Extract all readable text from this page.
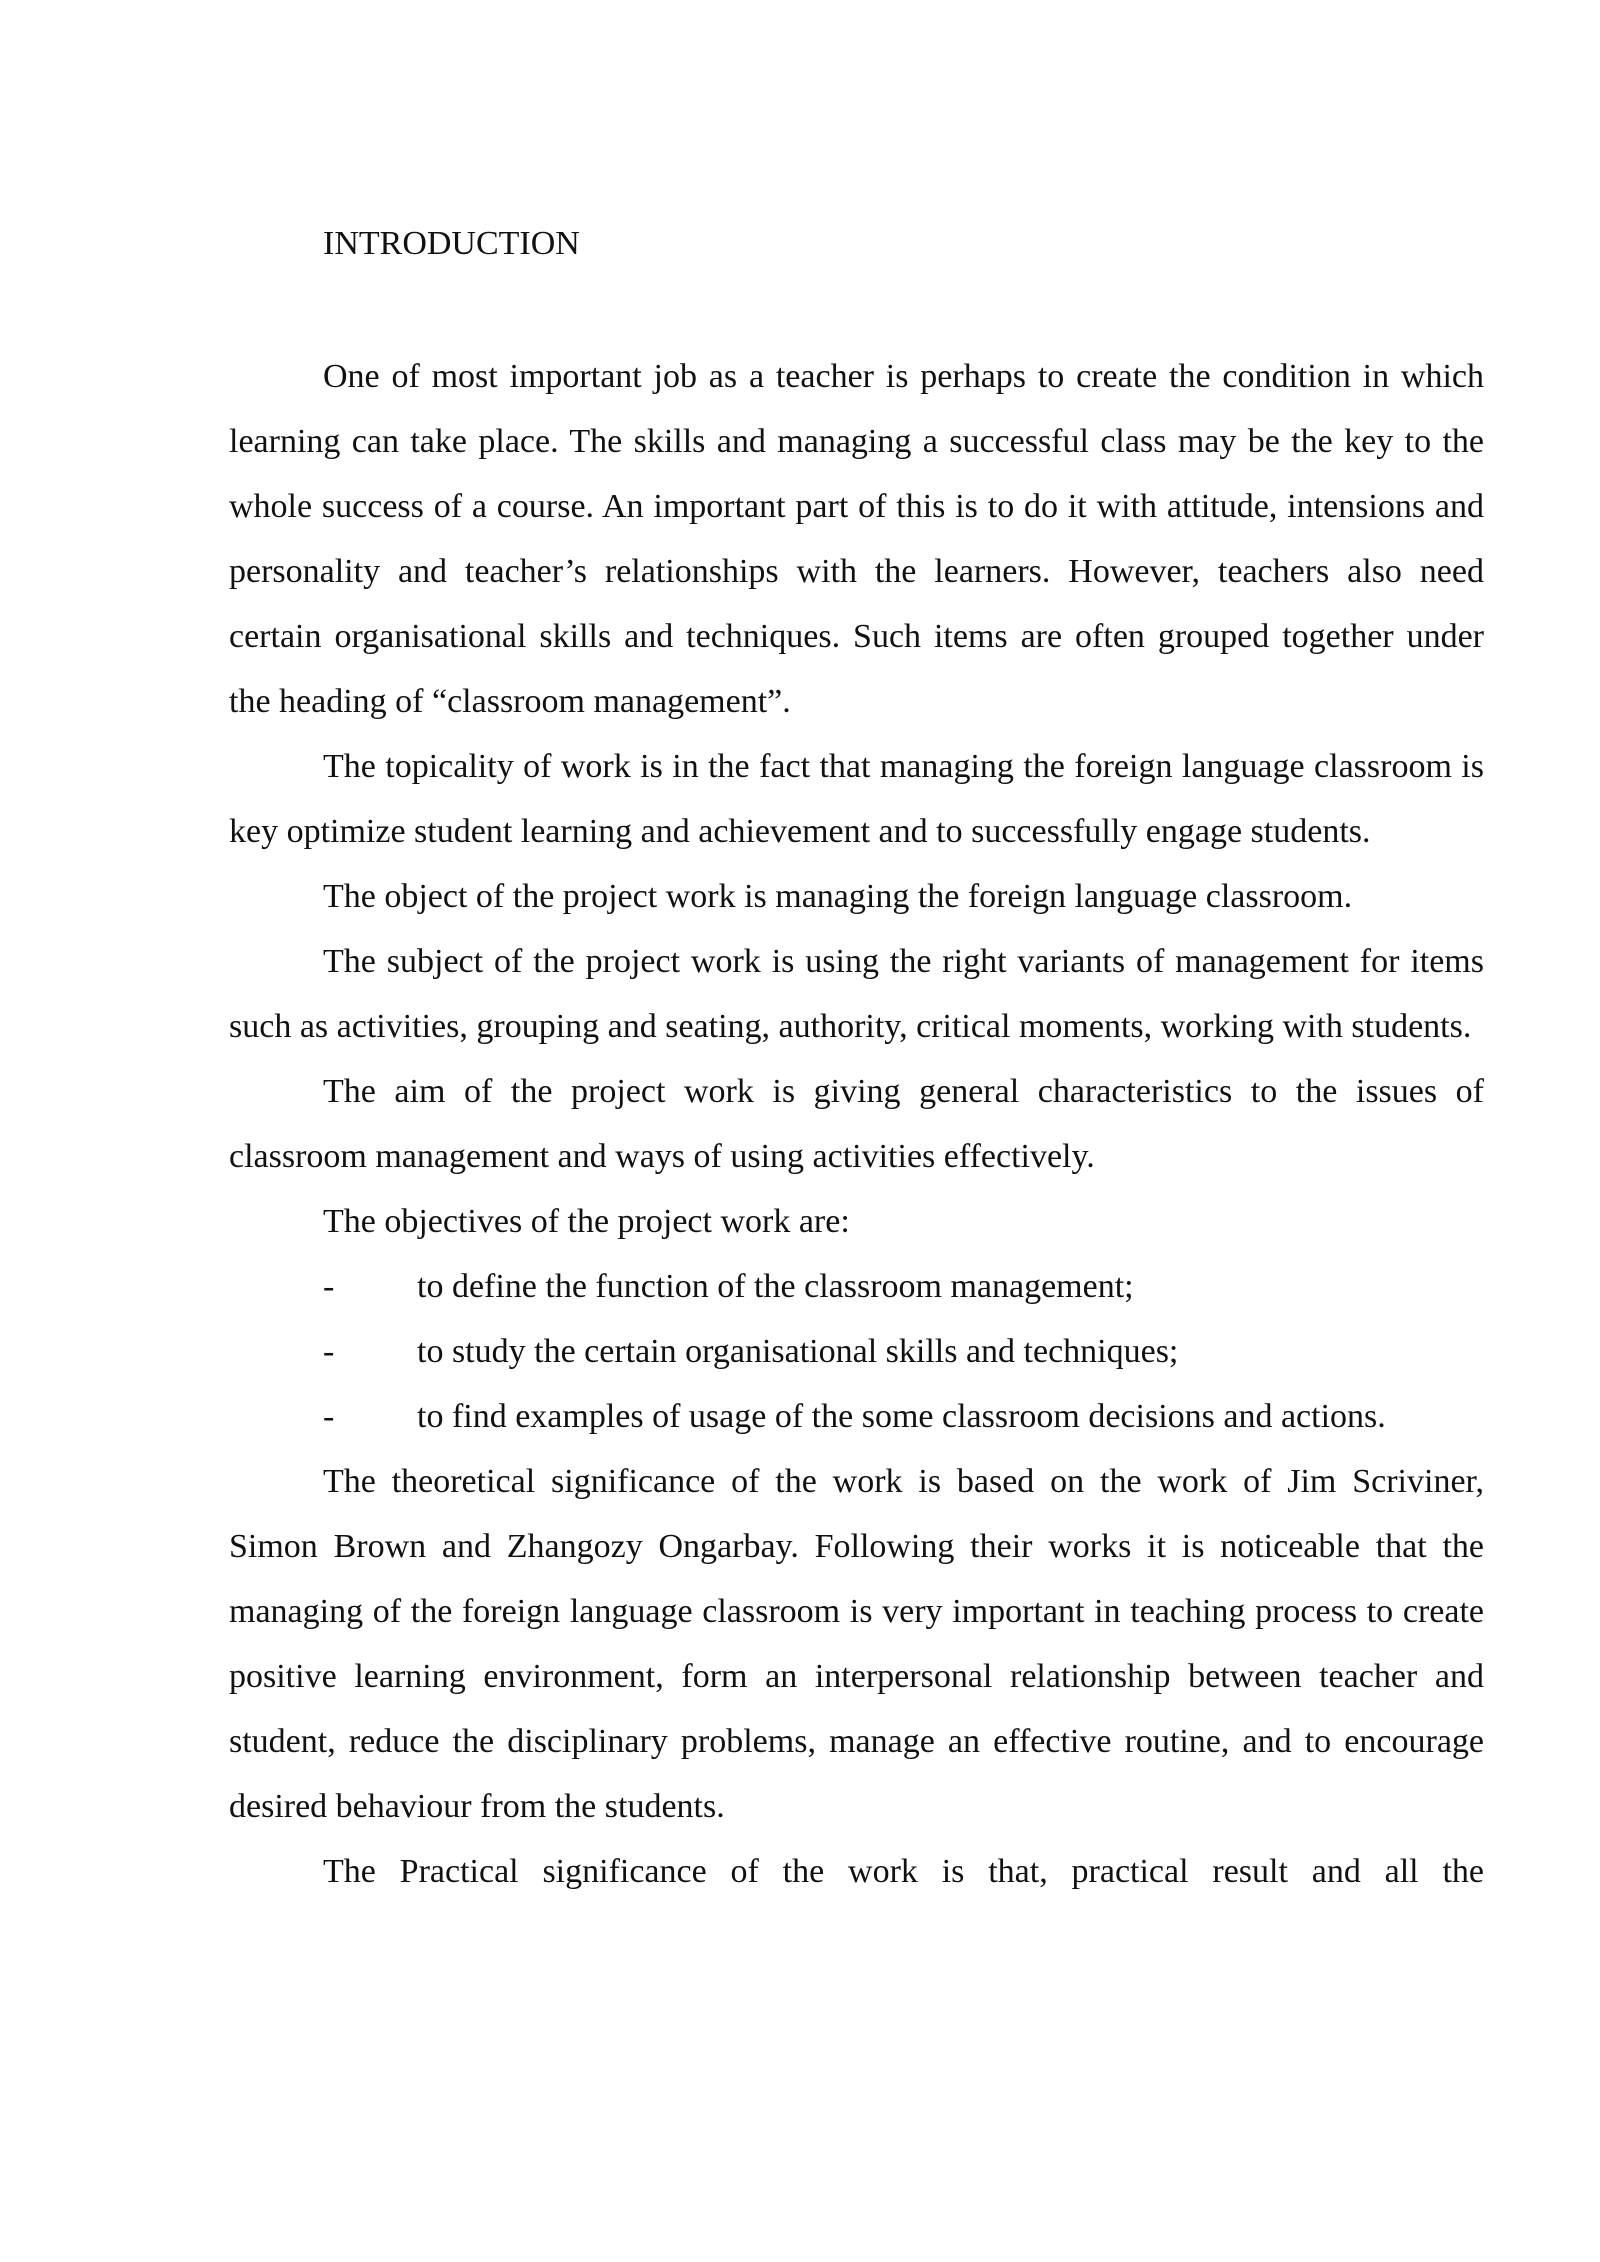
INTRODUCTION

One of most important job as a teacher is perhaps to create the condition in which learning can take place. The skills and managing a successful class may be the key to the whole success of a course. An important part of this is to do it with attitude, intensions and personality and teacher’s relationships with the learners. However, teachers also need certain organisational skills and techniques. Such items are often grouped together under the heading of “classroom management”.

The topicality of work is in the fact that managing the foreign language classroom is key optimize student learning and achievement and to successfully engage students.

The object of the project work is managing the foreign language classroom.

The subject of the project work is using the right variants of management for items such as activities, grouping and seating, authority, critical moments, working with students.

The aim of the project work is giving general characteristics to the issues of classroom management and ways of using activities effectively.

The objectives of the project work are:

- to define the function of the classroom management;
- to study the certain organisational skills and techniques;
- to find examples of usage of the some classroom decisions and actions.

The theoretical significance of the work is based on the work of Jim Scriviner, Simon Brown and Zhangozy Ongarbay. Following their works it is noticeable that the managing of the foreign language classroom is very important in teaching process to create positive learning environment, form an interpersonal relationship between teacher and student, reduce the disciplinary problems, manage an effective routine, and to encourage desired behaviour from the students.

The Practical significance of the work is that, practical result and all the
